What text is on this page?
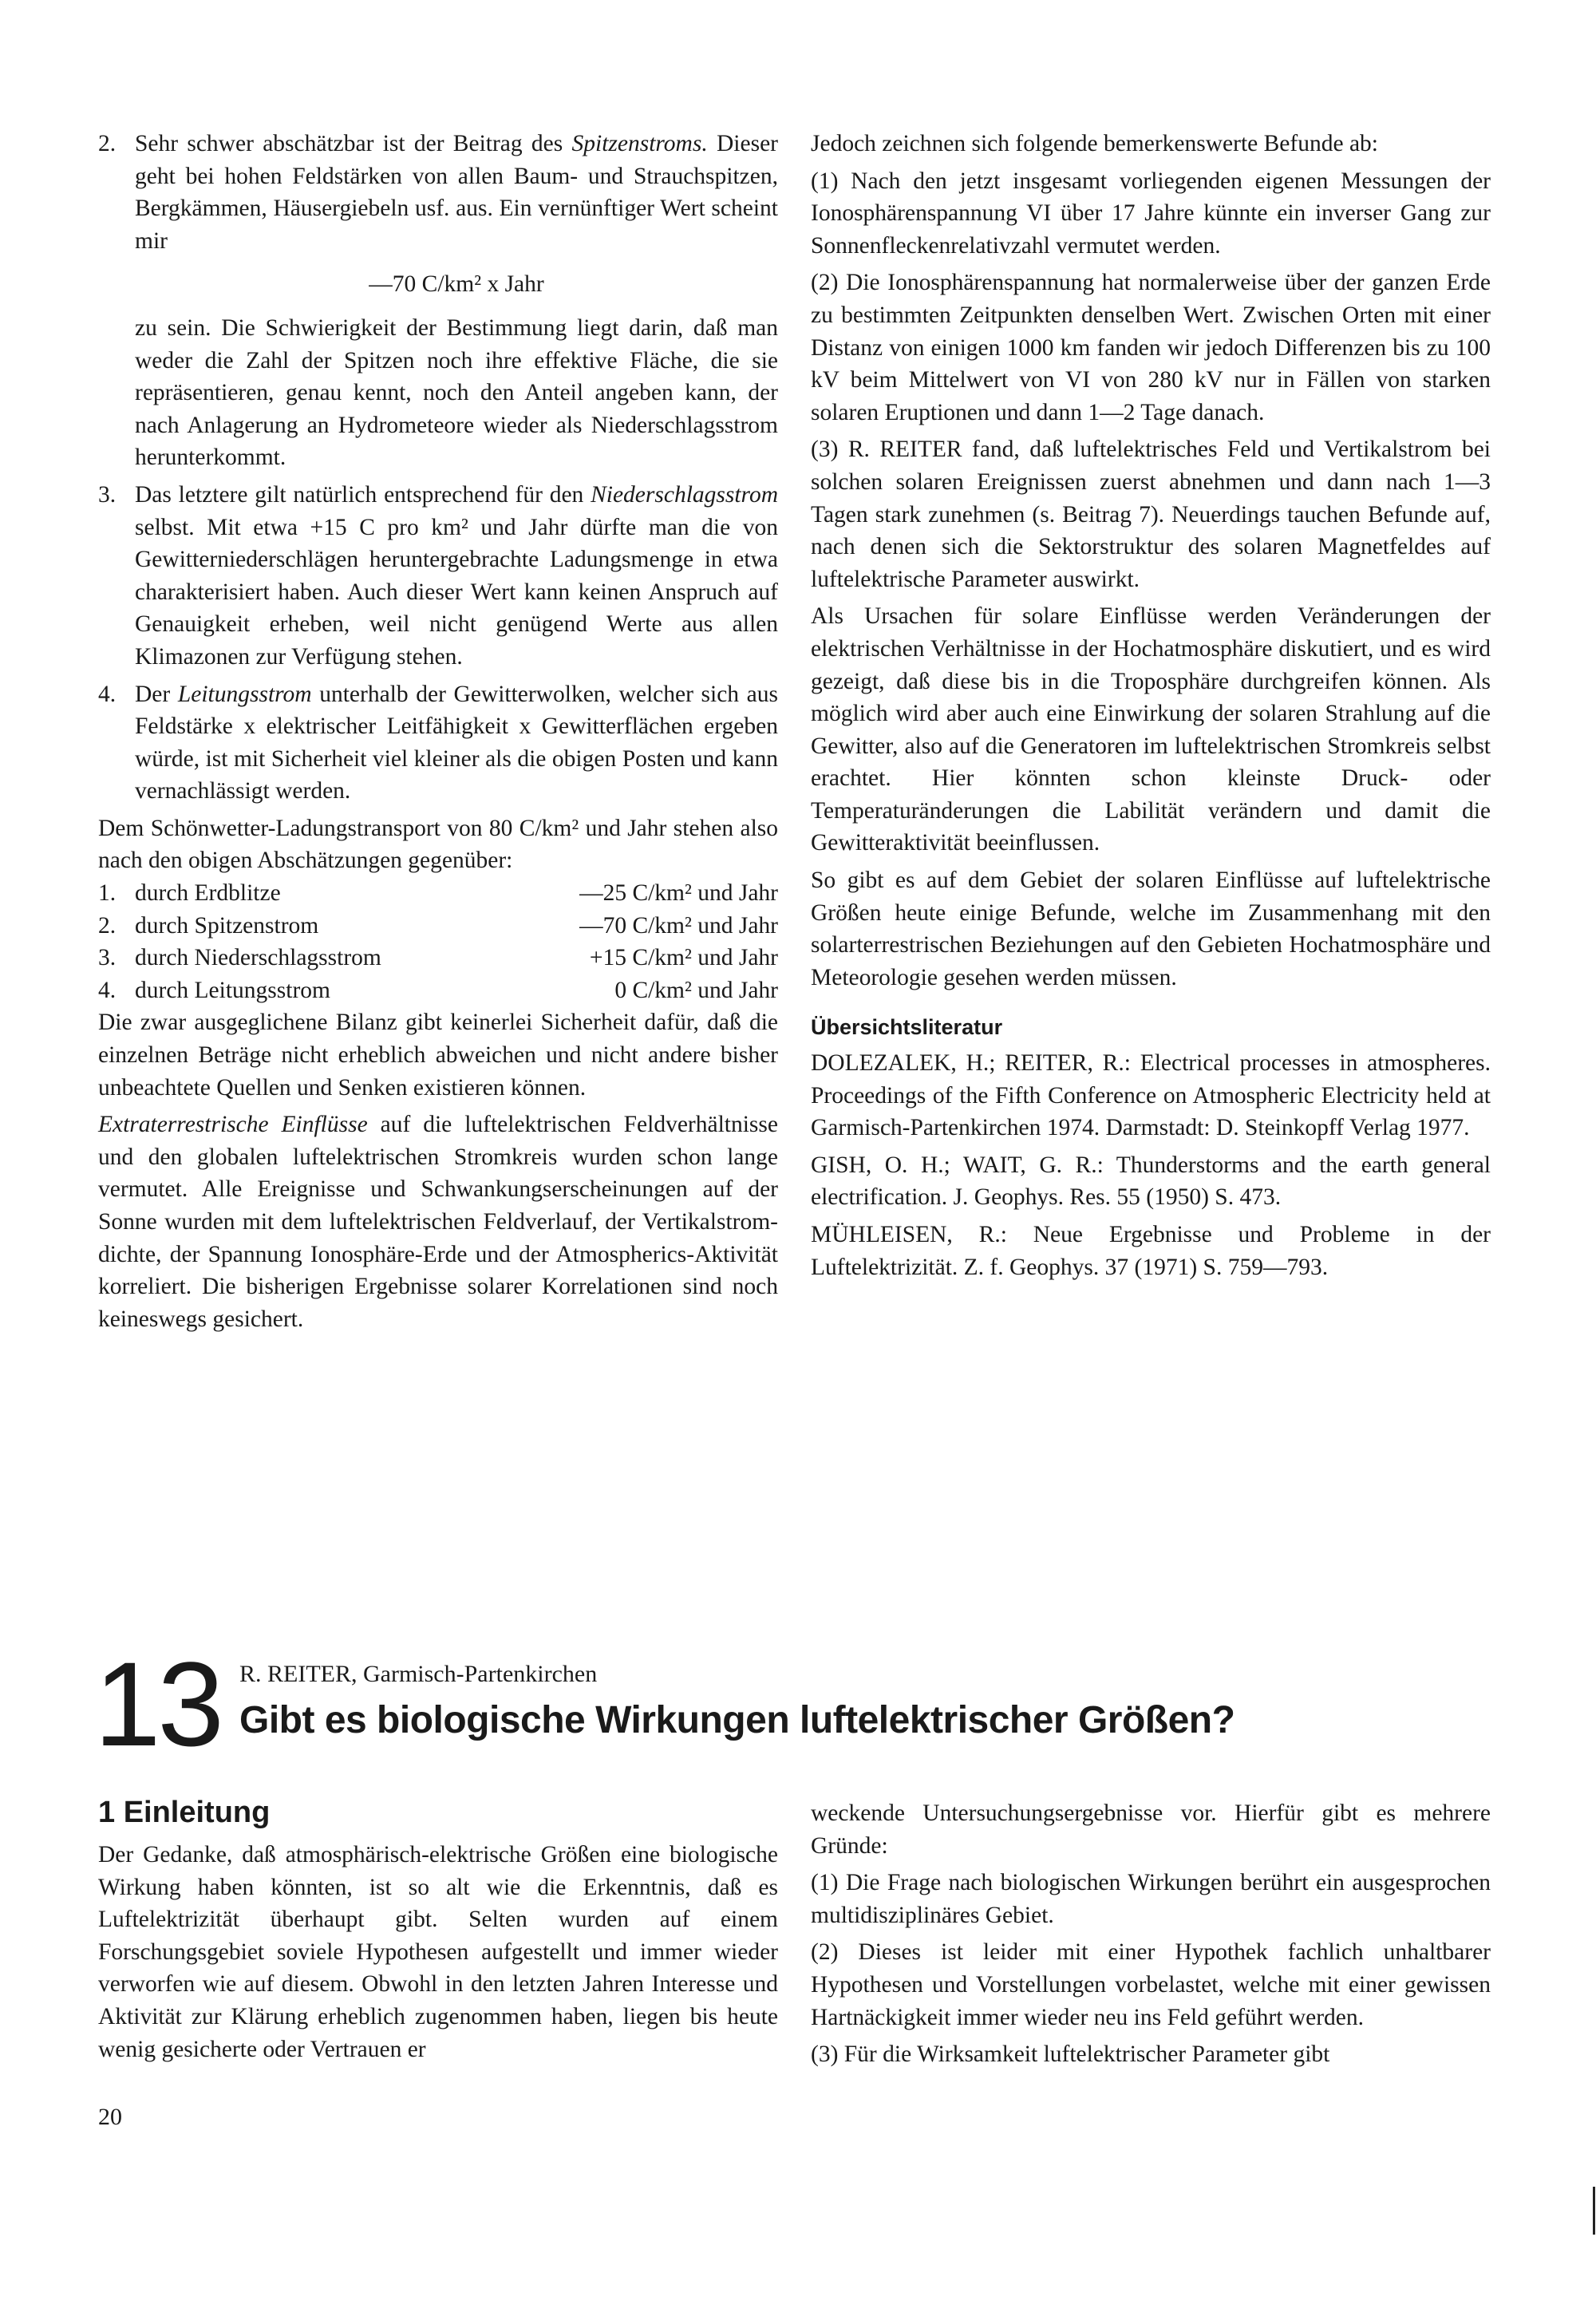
2. Sehr schwer abschätzbar ist der Beitrag des Spitzenstroms. Dieser geht bei hohen Feldstärken von allen Baum- und Strauchspitzen, Bergkämmen, Häusergiebeln usf. aus. Ein vernünftiger Wert scheint mir
—70 C/km² x Jahr

zu sein. Die Schwierigkeit der Bestimmung liegt darin, daß man weder die Zahl der Spitzen noch ihre effektive Fläche, die sie repräsentieren, genau kennt, noch den Anteil angeben kann, der nach Anlagerung an Hydrometeore wieder als Niederschlagsstrom herunterkommt.

3. Das letztere gilt natürlich entsprechend für den Niederschlagsstrom selbst. Mit etwa +15 C pro km² und Jahr dürfte man die von Gewitterniederschlägen heruntergebrachte Ladungsmenge in etwa charakterisiert haben. Auch dieser Wert kann keinen Anspruch auf Genauigkeit erheben, weil nicht genügend Werte aus allen Klimazonen zur Verfügung stehen.
4. Der Leitungsstrom unterhalb der Gewitterwolken, welcher sich aus Feldstärke x elektrischer Leitfähigkeit x Gewitterflächen ergeben würde, ist mit Sicherheit viel kleiner als die obigen Posten und kann vernachlässigt werden.

Dem Schönwetter-Ladungstransport von 80 C/km² und Jahr stehen also nach den obigen Abschätzungen gegenüber:

1. durch Erdblitze	—25 C/km² und Jahr
2. durch Spitzenstrom	—70 C/km² und Jahr
3. durch Niederschlagsstrom	+15 C/km² und Jahr
4. durch Leitungsstrom	0 C/km² und Jahr

Die zwar ausgeglichene Bilanz gibt keinerlei Sicherheit dafür, daß die einzelnen Beträge nicht erheblich abweichen und nicht andere bisher unbeachtete Quellen und Senken existieren können.

Extraterrestrische Einflüsse auf die luftelektrischen Feldverhältnisse und den globalen luftelektrischen Stromkreis wurden schon lange vermutet. Alle Ereignisse und Schwankungserscheinungen auf der Sonne wurden mit dem luftelektrischen Feldverlauf, der Vertikalstromdichte, der Spannung Ionosphäre-Erde und der Atmospherics-Aktivität korreliert. Die bisherigen Ergebnisse solarer Korrelationen sind noch keineswegs gesichert.

Jedoch zeichnen sich folgende bemerkenswerte Befunde ab:

(1) Nach den jetzt insgesamt vorliegenden eigenen Messungen der Ionosphärenspannung VI über 17 Jahre künnte ein inverser Gang zur Sonnenfleckenrelativzahl vermutet werden.

(2) Die Ionosphärenspannung hat normalerweise über der ganzen Erde zu bestimmten Zeitpunkten denselben Wert. Zwischen Orten mit einer Distanz von einigen 1000 km fanden wir jedoch Differenzen bis zu 100 kV beim Mittelwert von VI von 280 kV nur in Fällen von starken solaren Eruptionen und dann 1—2 Tage danach.

(3) R. REITER fand, daß luftelektrisches Feld und Vertikalstrom bei solchen solaren Ereignissen zuerst abnehmen und dann nach 1—3 Tagen stark zunehmen (s. Beitrag 7). Neuerdings tauchen Befunde auf, nach denen sich die Sektorstruktur des solaren Magnetfeldes auf luftelektrische Parameter auswirkt.

Als Ursachen für solare Einflüsse werden Veränderungen der elektrischen Verhältnisse in der Hochatmosphäre diskutiert, und es wird gezeigt, daß diese bis in die Troposphäre durchgreifen können. Als möglich wird aber auch eine Einwirkung der solaren Strahlung auf die Gewitter, also auf die Generatoren im luftelektrischen Stromkreis selbst erachtet. Hier könnten schon kleinste Druck- oder Temperaturänderungen die Labilität verändern und damit die Gewitteraktivität beeinflussen.

So gibt es auf dem Gebiet der solaren Einflüsse auf luftelektrische Größen heute einige Befunde, welche im Zusammenhang mit den solarterrestrischen Beziehungen auf den Gebieten Hochatmosphäre und Meteorologie gesehen werden müssen.

Übersichtsliteratur

DOLEZALEK, H.; REITER, R.: Electrical processes in atmospheres. Proceedings of the Fifth Conference on Atmospheric Electricity held at Garmisch-Partenkirchen 1974. Darmstadt: D. Steinkopff Verlag 1977.

GISH, O. H.; WAIT, G. R.: Thunderstorms and the earth general electrification. J. Geophys. Res. 55 (1950) S. 473.

MÜHLEISEN, R.: Neue Ergebnisse und Probleme in der Luftelektrizität. Z. f. Geophys. 37 (1971) S. 759—793.

13 R. REITER, Garmisch-Partenkirchen
Gibt es biologische Wirkungen luftelektrischer Größen?
1 Einleitung

Der Gedanke, daß atmosphärisch-elektrische Größen eine biologische Wirkung haben könnten, ist so alt wie die Erkenntnis, daß es Luftelektrizität überhaupt gibt. Selten wurden auf einem Forschungsgebiet soviele Hypothesen aufgestellt und immer wieder verworfen wie auf diesem. Obwohl in den letzten Jahren Interesse und Aktivität zur Klärung erheblich zugenommen haben, liegen bis heute wenig gesicherte oder Vertrauen er

weckende Untersuchungsergebnisse vor. Hierfür gibt es mehrere Gründe:

(1) Die Frage nach biologischen Wirkungen berührt ein ausgesprochen multidisziplinäres Gebiet.

(2) Dieses ist leider mit einer Hypothek fachlich unhaltbarer Hypothesen und Vorstellungen vorbelastet, welche mit einer gewissen Hartnäckigkeit immer wieder neu ins Feld geführt werden.

(3) Für die Wirksamkeit luftelektrischer Parameter gibt

20
